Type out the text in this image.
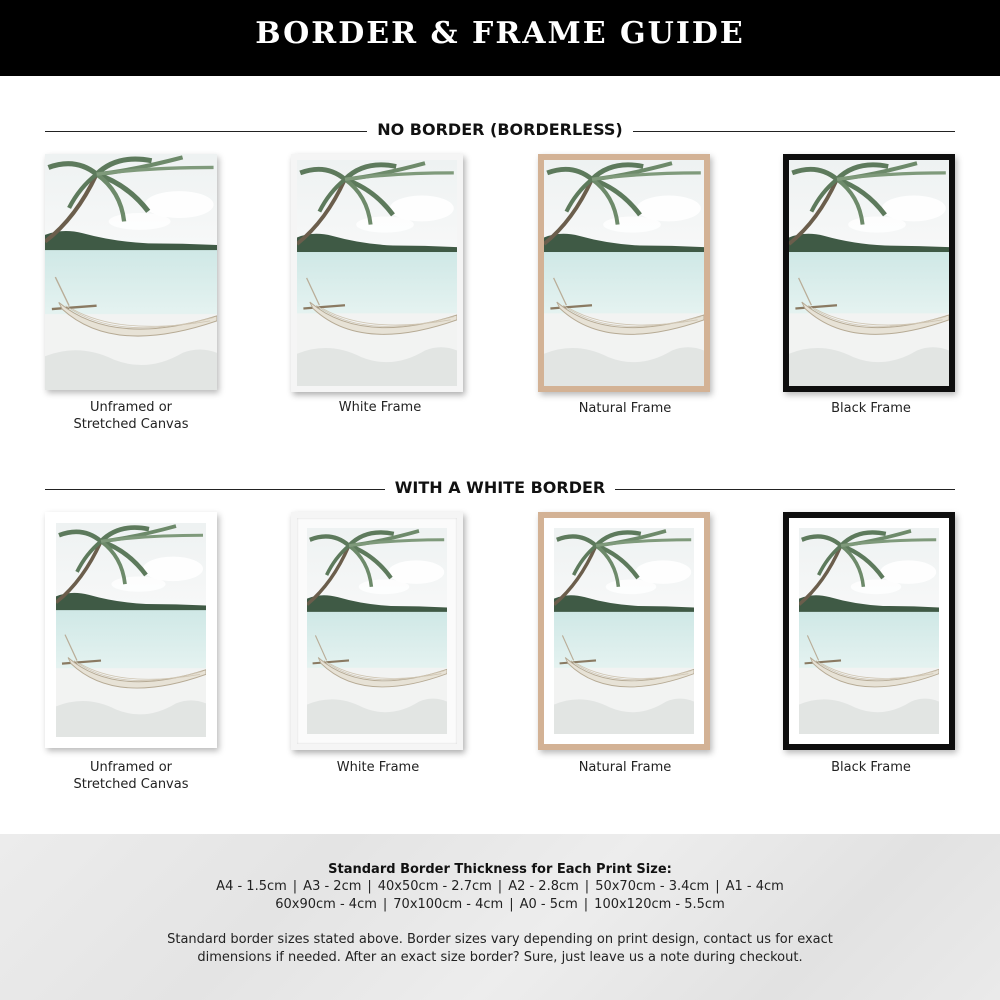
BORDER & FRAME GUIDE
NO BORDER (BORDERLESS)
WITH A WHITE BORDER
Unframed or
Stretched Canvas
White Frame	Natural Frame	Black Frame
Unframed or
Stretched Canvas
White Frame	Natural Frame	Black Frame
Standard Border Thickness for Each Print Size:
A4 - 1.5cm | A3 - 2cm | 40x50cm - 2.7cm | A2 - 2.8cm | 50x70cm - 3.4cm | A1 - 4cm
60x90cm - 4cm | 70x100cm - 4cm | A0 - 5cm | 100x120cm - 5.5cm
Standard border sizes stated above. Border sizes vary depending on print design, contact us for exact
dimensions if needed. After an exact size border? Sure, just leave us a note during checkout.
